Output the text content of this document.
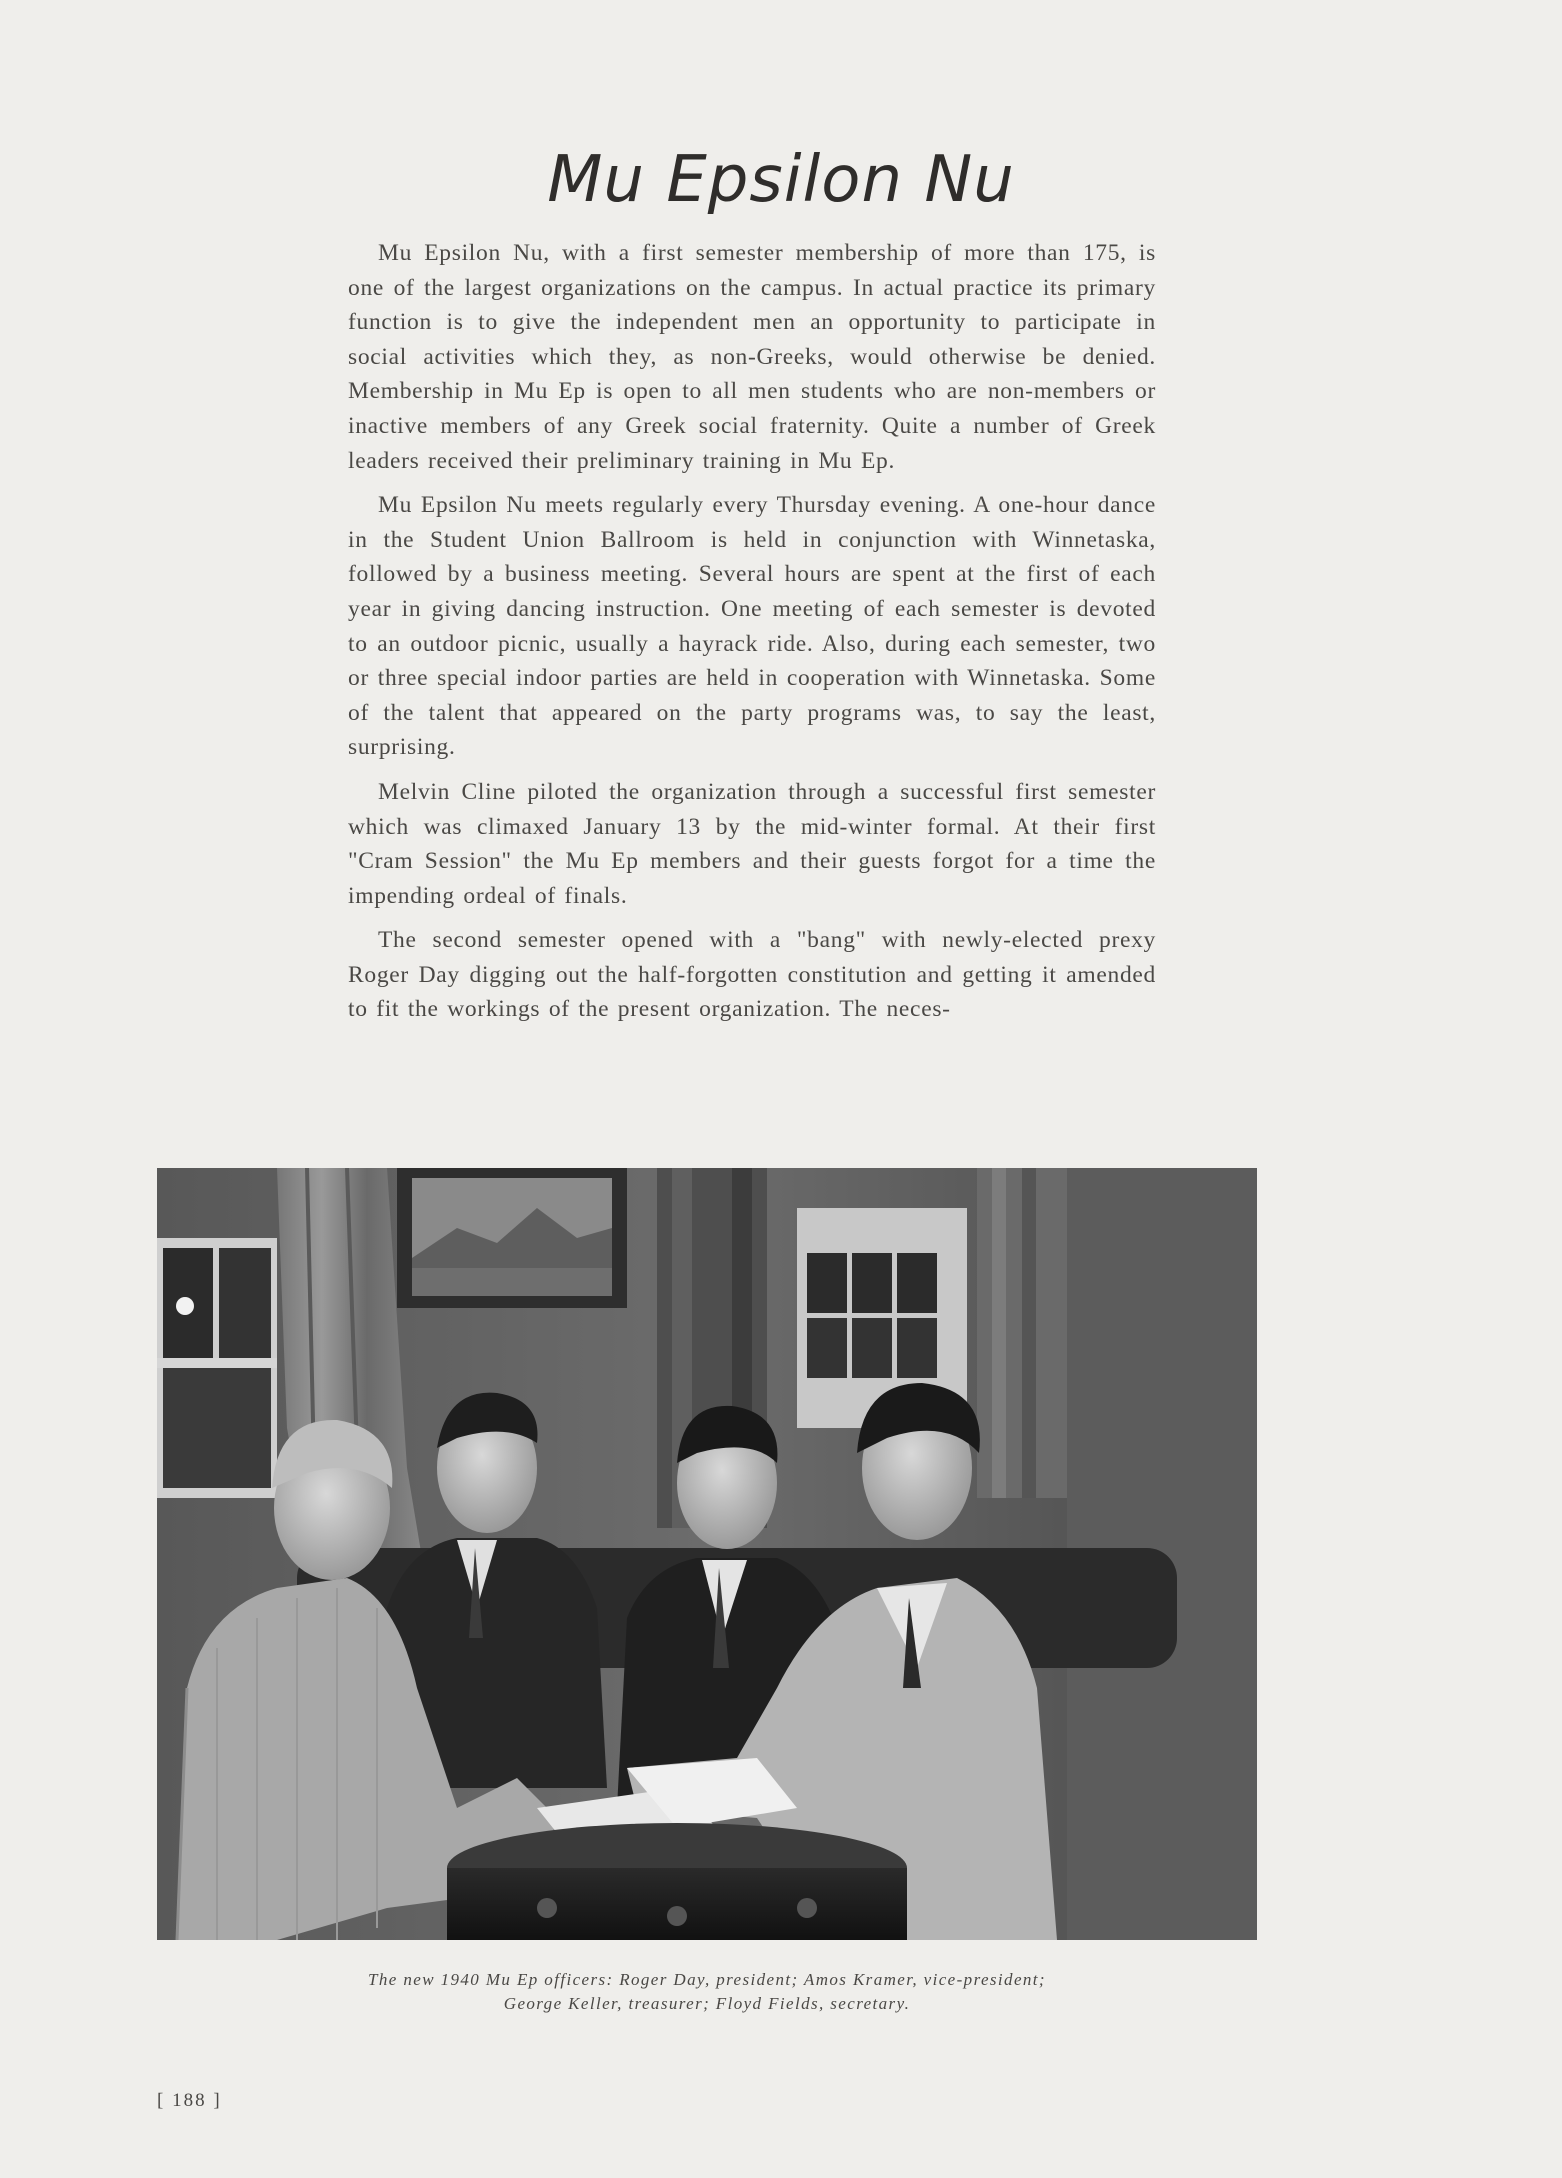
Mu Epsilon Nu

Mu Epsilon Nu, with a first semester membership of more than 175, is one of the largest organizations on the campus. In actual practice its primary function is to give the independent men an opportunity to participate in social activities which they, as non-Greeks, would otherwise be denied. Membership in Mu Ep is open to all men students who are non-members or inactive members of any Greek social fraternity. Quite a number of Greek leaders received their preliminary training in Mu Ep.

Mu Epsilon Nu meets regularly every Thursday evening. A one-hour dance in the Student Union Ballroom is held in conjunction with Winnetaska, followed by a business meeting. Several hours are spent at the first of each year in giving dancing instruction. One meeting of each semester is devoted to an outdoor picnic, usually a hayrack ride. Also, during each semester, two or three special indoor parties are held in cooperation with Winnetaska. Some of the talent that appeared on the party programs was, to say the least, surprising.

Melvin Cline piloted the organization through a successful first semester which was climaxed January 13 by the mid-winter formal. At their first "Cram Session" the Mu Ep members and their guests forgot for a time the impending ordeal of finals.

The second semester opened with a "bang" with newly-elected prexy Roger Day digging out the half-forgotten constitution and getting it amended to fit the workings of the present organization. The neces-

The new 1940 Mu Ep officers: Roger Day, president; Amos Kramer, vice-president;
George Keller, treasurer; Floyd Fields, secretary.
[ 188 ]
